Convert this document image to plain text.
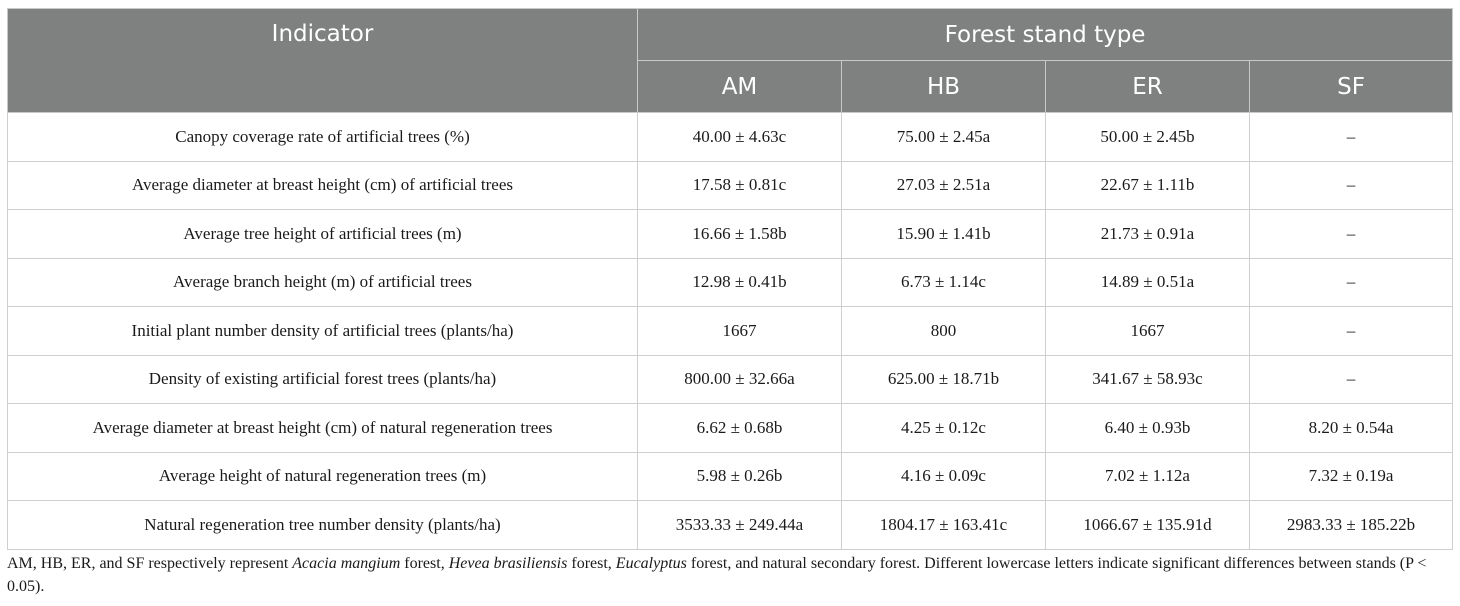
Indicator	Forest stand type			
	AM	HB	ER	SF
Canopy coverage rate of artificial trees (%)	40.00 ± 4.63c	75.00 ± 2.45a	50.00 ± 2.45b	–
Average diameter at breast height (cm) of artificial trees	17.58 ± 0.81c	27.03 ± 2.51a	22.67 ± 1.11b	–
Average tree height of artificial trees (m)	16.66 ± 1.58b	15.90 ± 1.41b	21.73 ± 0.91a	–
Average branch height (m) of artificial trees	12.98 ± 0.41b	6.73 ± 1.14c	14.89 ± 0.51a	–
Initial plant number density of artificial trees (plants/ha)	1667	800	1667	–
Density of existing artificial forest trees (plants/ha)	800.00 ± 32.66a	625.00 ± 18.71b	341.67 ± 58.93c	–
Average diameter at breast height (cm) of natural regeneration trees	6.62 ± 0.68b	4.25 ± 0.12c	6.40 ± 0.93b	8.20 ± 0.54a
Average height of natural regeneration trees (m)	5.98 ± 0.26b	4.16 ± 0.09c	7.02 ± 1.12a	7.32 ± 0.19a
Natural regeneration tree number density (plants/ha)	3533.33 ± 249.44a	1804.17 ± 163.41c	1066.67 ± 135.91d	2983.33 ± 185.22b
AM, HB, ER, and SF respectively represent Acacia mangium forest, Hevea brasiliensis forest, Eucalyptus forest, and natural secondary forest. Different lowercase letters indicate significant differences between stands (P < 0.05).
